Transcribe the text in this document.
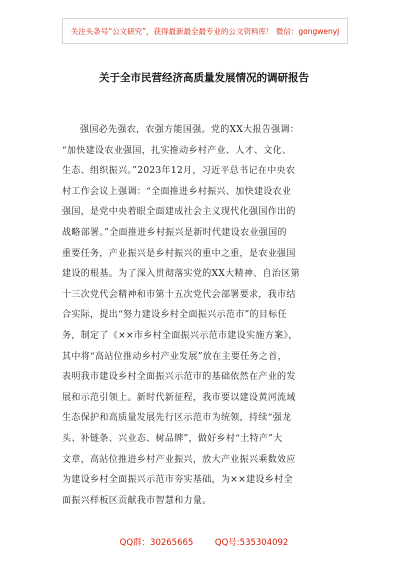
关注头条号“公文研究”，获得最新最全最专业的公文资料库！ 微信：gongwenyj
关于全市民营经济高质量发展情况的调研报告
强国必先强农，农强方能国强。党的XX大报告强调：
“加快建设农业强国，扎实推动乡村产业、人才、文化、
生态、组织振兴。”2023年12月，习近平总书记在中央农
村工作会议上强调：“全面推进乡村振兴、加快建设农业
强国，是党中央着眼全面建成社会主义现代化强国作出的
战略部署。”全面推进乡村振兴是新时代建设农业强国的
重要任务，产业振兴是乡村振兴的重中之重，是农业强国
建设的根基。为了深入贯彻落实党的XX大精神、自治区第
十三次党代会精神和市第十五次党代会部署要求，我市结
合实际，提出“努力建设乡村全面振兴示范市”的目标任
务，制定了《××市乡村全面振兴示范市建设实施方案》，
其中将“高站位推动乡村产业发展”放在主要任务之首，
表明我市建设乡村全面振兴示范市的基础依然在产业的发
展和示范引领上。新时代新征程，我市要以建设黄河流域
生态保护和高质量发展先行区示范市为统领，持续“强龙
头、补链条、兴业态、树品牌”，做好乡村“土特产”大
文章，高站位推进乡村产业振兴，放大产业振兴乘数效应
为建设乡村全面振兴示范市夯实基础，为××建设乡村全
面振兴样板区贡献我市智慧和力量。
QQ群：30265665        QQ号:535304092
